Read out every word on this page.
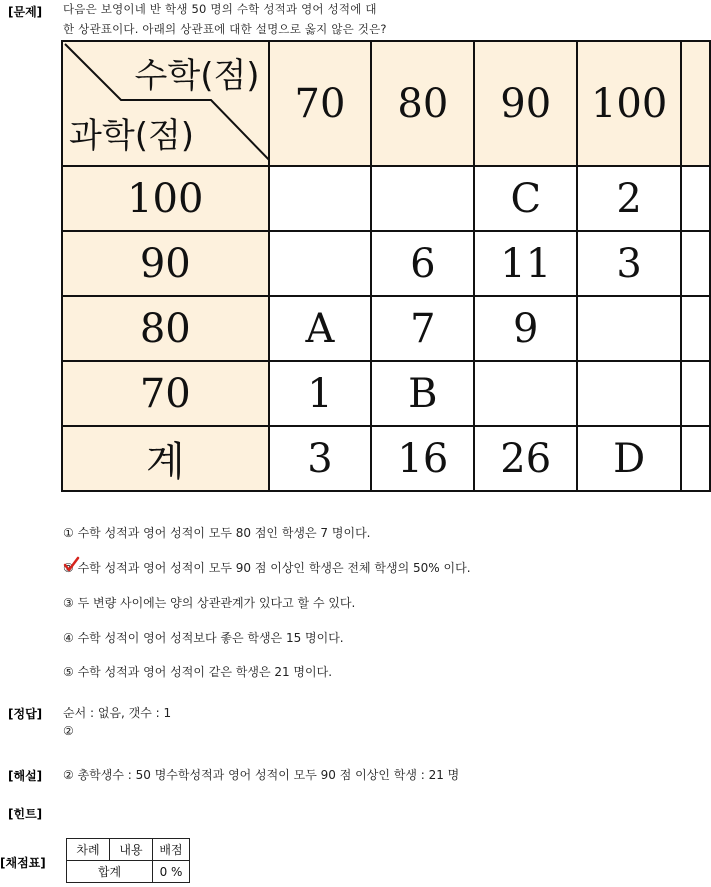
[문제]
[정답]
[해설]
[힌트]
[채점표]
다음은 보영이네 반 학생 50 명의 수학 성적과 영어 성적에 대
한 상관표이다. 아래의 상관표에 대한 설명으로 옳지 않은 것은?
수학(점)
과학(점)	70	80	90	100	
100			C	2	
90		6	11	3	
80	A	7	9		
70	1	B			
계	3	16	26	D	
① 수학 성적과 영어 성적이 모두 80 점인 학생은 7 명이다.
② 수학 성적과 영어 성적이 모두 90 점 이상인 학생은 전체 학생의 50% 이다.
③ 두 변량 사이에는 양의 상관관계가 있다고 할 수 있다.
④ 수학 성적이 영어 성적보다 좋은 학생은 15 명이다.
⑤ 수학 성적과 영어 성적이 같은 학생은 21 명이다.
순서 : 없음, 갯수 : 1
②
② 총학생수 : 50 명수학성적과 영어 성적이 모두 90 점 이상인 학생 : 21 명
차례	내용	배점
합계		0 %
